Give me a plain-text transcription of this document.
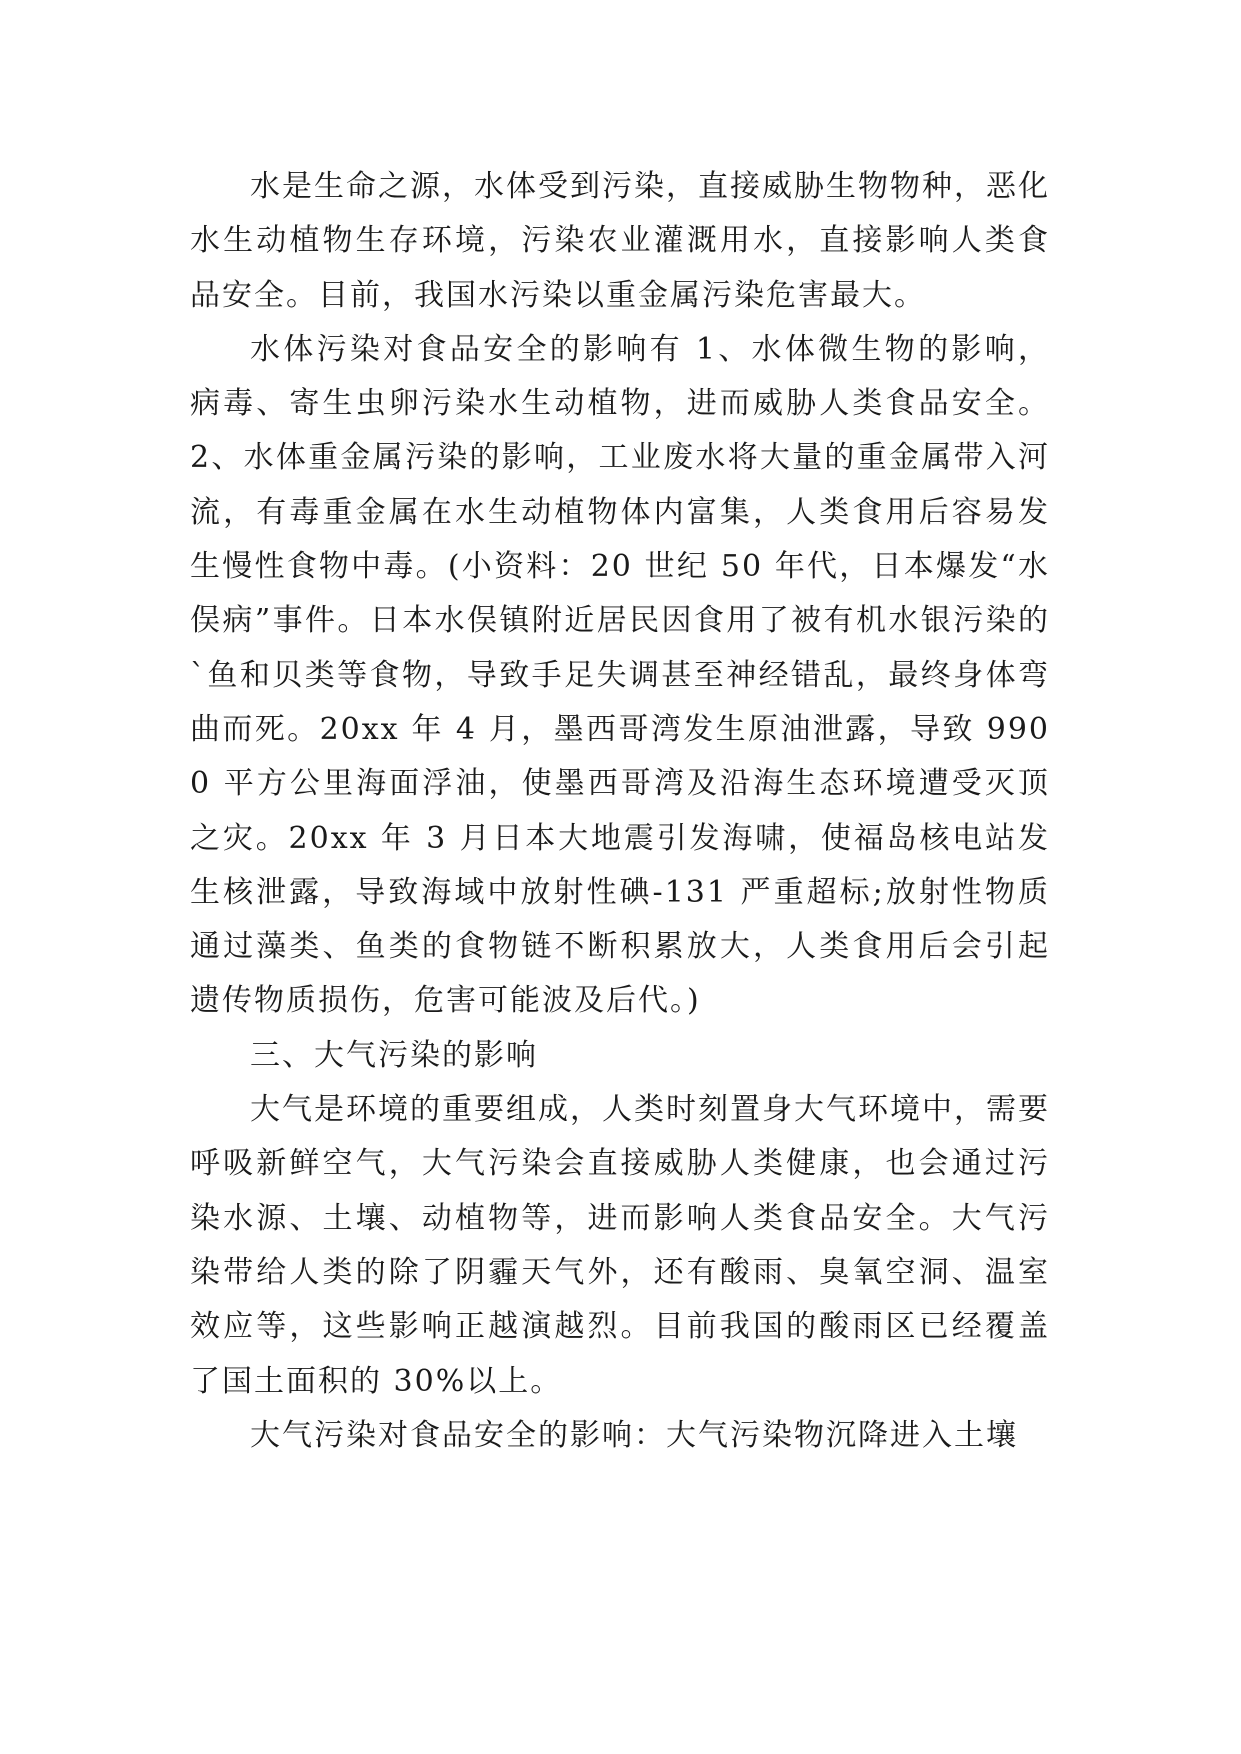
水是生命之源，水体受到污染，直接威胁生物物种，恶化水生动植物生存环境，污染农业灌溉用水，直接影响人类食品安全。目前，我国水污染以重金属污染危害最大。

水体污染对食品安全的影响有 1、水体微生物的影响，病毒、寄生虫卵污染水生动植物，进而威胁人类食品安全。2、水体重金属污染的影响，工业废水将大量的重金属带入河流，有毒重金属在水生动植物体内富集，人类食用后容易发生慢性食物中毒。(小资料：20 世纪 50 年代，日本爆发“水俣病”事件。日本水俣镇附近居民因食用了被有机水银污染的`鱼和贝类等食物，导致手足失调甚至神经错乱，最终身体弯曲而死。20xx 年 4 月，墨西哥湾发生原油泄露，导致 9900 平方公里海面浮油，使墨西哥湾及沿海生态环境遭受灭顶之灾。20xx 年 3 月日本大地震引发海啸，使福岛核电站发生核泄露，导致海域中放射性碘-131 严重超标;放射性物质通过藻类、鱼类的食物链不断积累放大，人类食用后会引起遗传物质损伤，危害可能波及后代。)

三、大气污染的影响

大气是环境的重要组成，人类时刻置身大气环境中，需要呼吸新鲜空气，大气污染会直接威胁人类健康，也会通过污染水源、土壤、动植物等，进而影响人类食品安全。大气污染带给人类的除了阴霾天气外，还有酸雨、臭氧空洞、温室效应等，这些影响正越演越烈。目前我国的酸雨区已经覆盖了国土面积的 30%以上。

大气污染对食品安全的影响：大气污染物沉降进入土壤
